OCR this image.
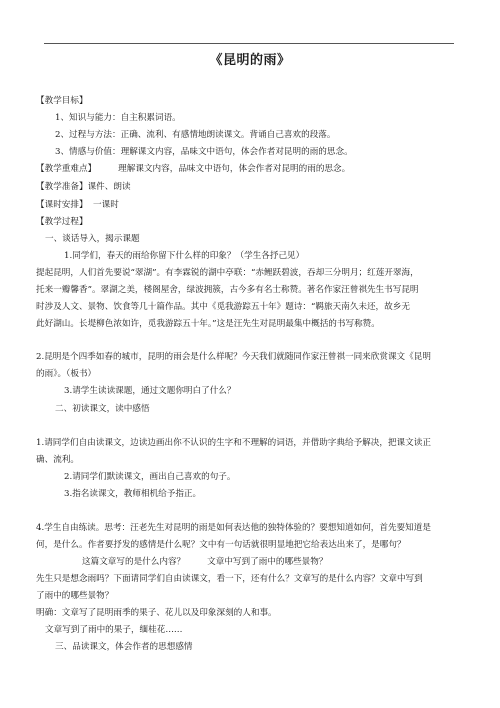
《昆明的雨》
【教学目标】
1、知识与能力：自主积累词语。
2、过程与方法：正确、流利、有感情地朗读课文。背诵自己喜欢的段落。
3、情感与价值：理解课文内容，品味文中语句，体会作者对昆明的雨的思念。
【教学重难点】	理解课文内容，品味文中语句，体会作者对昆明的雨的思念。
【教学准备】课件、朗读
【课时安排】 一课时
【教学过程】
一、谈话导入，揭示课题
1.同学们，春天的雨给你留下什么样的印象？（学生各抒己见）
提起昆明，人们首先要说“翠湖”。有李霖锐的湖中亭联：“赤鲤跃碧波，吞却三分明月；红莲开翠海，
托来一瓣馨香”。翠湖之美，楼阁屋舍，绿波拥簇，古今多有名士称赞。著名作家汪曾祺先生书写昆明
时涉及人文、景物、饮食等几十篇作品。其中《觅我游踪五十年》题诗：“羁旅天南久未还，故乡无
此好湖山。长堤柳色浓如许，觅我游踪五十年。”这是汪先生对昆明最集中概括的书写称赞。
2.昆明是个四季如春的城市，昆明的雨会是什么样呢？今天我们就随同作家汪曾祺一同来欣赏课文《昆明
的雨》。（板书）
3.请学生读读课题，通过文题你明白了什么？
二、初读课文，读中感悟
1.请同学们自由读课文，边读边画出你不认识的生字和不理解的词语，并借助字典给予解决，把课文读正
确、流利。
2.请同学们默读课文，画出自己喜欢的句子。
3.指名读课文，教师相机给予指正。
4.学生自由练读。思考：汪老先生对昆明的雨是如何表达他的独特体验的？要想知道如何，首先要知道是
何，是什么。作者要抒发的感情是什么呢？文中有一句话就很明显地把它给表达出来了，是哪句？
这篇文章写的是什么内容？	文章中写到了雨中的哪些景物？
先生只是想念雨吗？下面请同学们自由读课文，看一下，还有什么？文章写的是什么内容？文章中写到
了雨中的哪些景物？
明确：文章写了昆明雨季的果子、花儿以及印象深刻的人和事。
文章写到了雨中的果子，缅桂花……
三、品读课文，体会作者的思想感情
